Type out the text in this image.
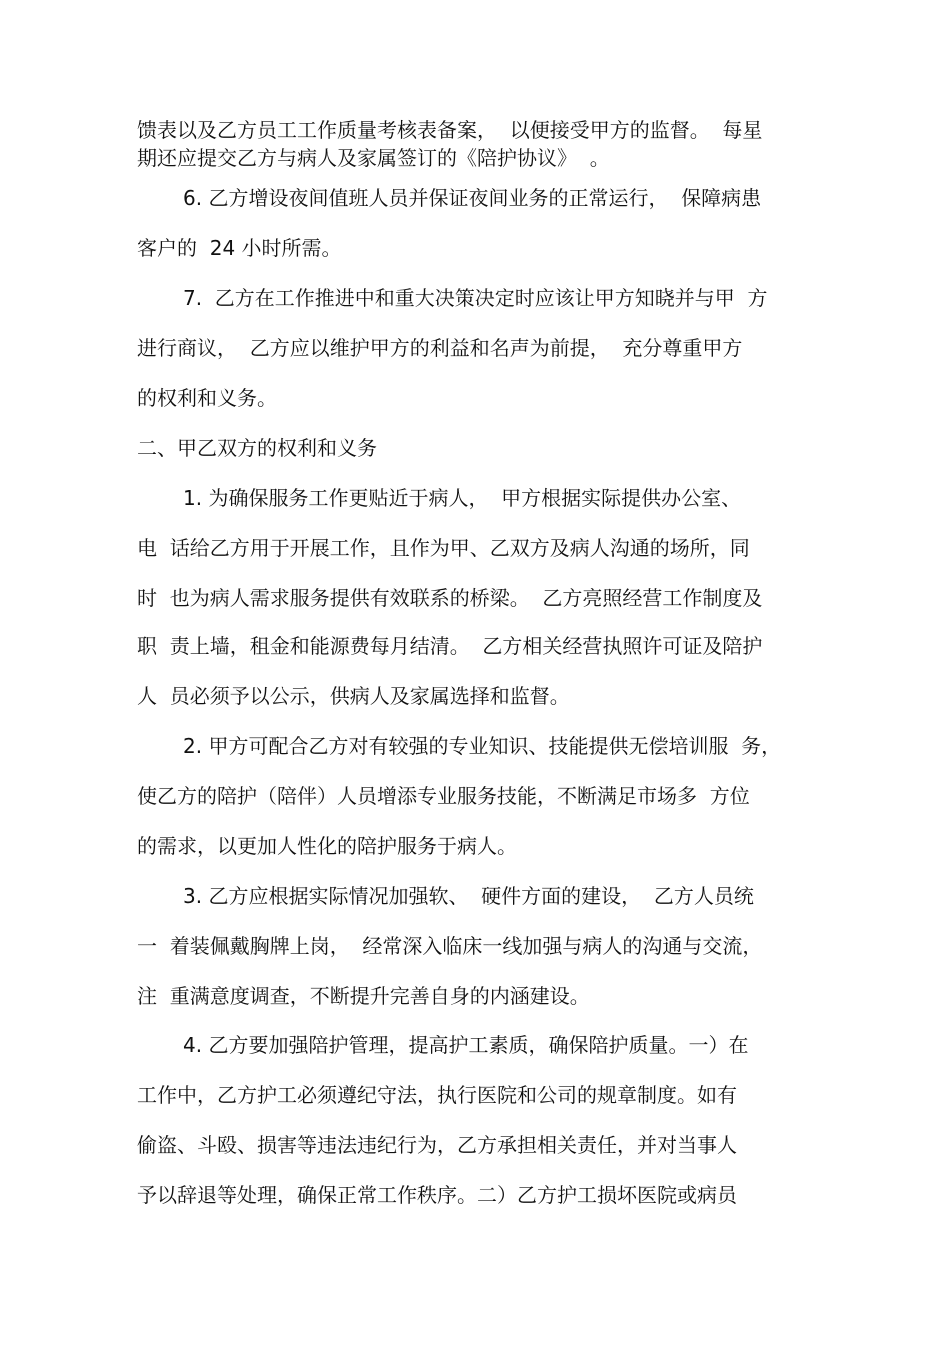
馈表以及乙方员工工作质量考核表备案，  以便接受甲方的监督。  每星
期还应提交乙方与病人及家属签订的《陪护协议》  。
6. 乙方增设夜间值班人员并保证夜间业务的正常运行，  保障病患
客户的  24 小时所需。
7.  乙方在工作推进中和重大决策决定时应该让甲方知晓并与甲  方
进行商议，  乙方应以维护甲方的利益和名声为前提，  充分尊重甲方
的权利和义务。
二、甲乙双方的权利和义务
1. 为确保服务工作更贴近于病人，  甲方根据实际提供办公室、
电  话给乙方用于开展工作，且作为甲、乙双方及病人沟通的场所，同
时  也为病人需求服务提供有效联系的桥梁。  乙方亮照经营工作制度及
职  责上墙，租金和能源费每月结清。  乙方相关经营执照许可证及陪护
人  员必须予以公示，供病人及家属选择和监督。
2. 甲方可配合乙方对有较强的专业知识、技能提供无偿培训服  务，
使乙方的陪护（陪伴）人员增添专业服务技能，不断满足市场多  方位
的需求，以更加人性化的陪护服务于病人。
3. 乙方应根据实际情况加强软、  硬件方面的建设，  乙方人员统
一  着装佩戴胸牌上岗，  经常深入临床一线加强与病人的沟通与交流，
注  重满意度调查，不断提升完善自身的内涵建设。
4. 乙方要加强陪护管理，提高护工素质，确保陪护质量。一）在
工作中，乙方护工必须遵纪守法，执行医院和公司的规章制度。如有
偷盗、斗殴、损害等违法违纪行为，乙方承担相关责任，并对当事人
予以辞退等处理，确保正常工作秩序。二）乙方护工损坏医院或病员
